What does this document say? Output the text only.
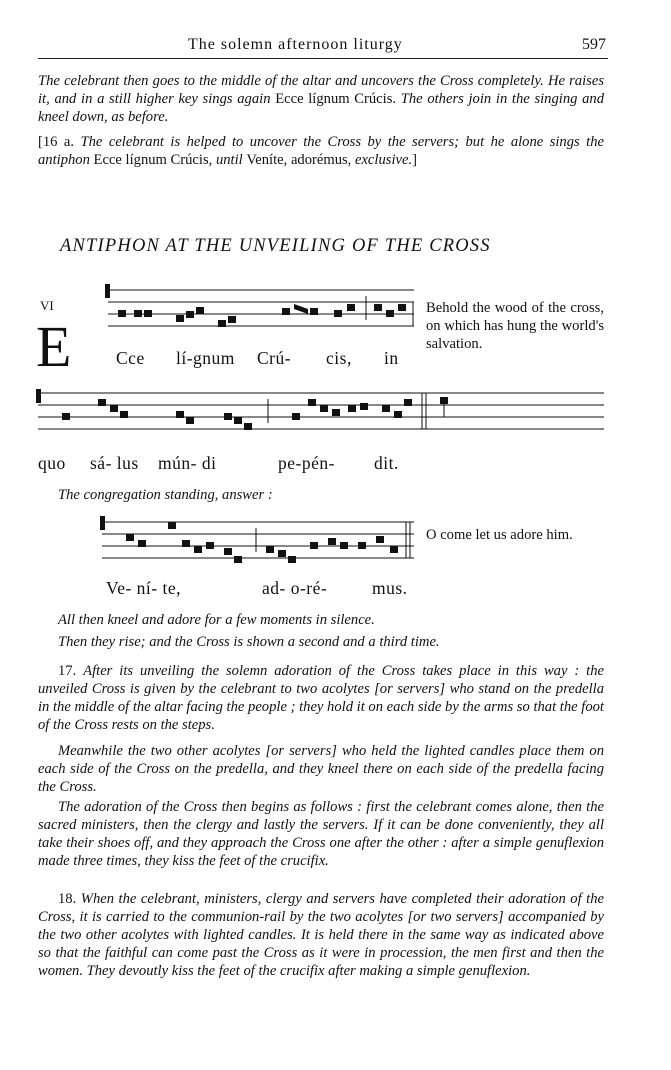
The solemn afternoon liturgy	597

The celebrant then goes to the middle of the altar and uncovers the Cross completely. He raises it, and in a still higher key sings again Ecce lígnum Crúcis. The others join in the singing and kneel down, as before.

[16 a. The celebrant is helped to uncover the Cross by the servers; but he alone sings the antiphon Ecce lígnum Crúcis, until Veníte, adorémus, exclusive.]

ANTIPHON AT THE UNVEILING OF THE CROSS
VI
E	Cce lí-gnum Crú- cis, in
Behold the wood of the cross, on which has hung the world's salvation.
quo sá- lus mún- di	pe-pén- dit.
The congregation standing, answer :
Ve- ní- te,	ad- o-ré-	mus.
O come let us adore him.
All then kneel and adore for a few moments in silence.
Then they rise; and the Cross is shown a second and a third time.

17. After its unveiling the solemn adoration of the Cross takes place in this way : the unveiled Cross is given by the celebrant to two acolytes [or servers] who stand on the predella in the middle of the altar facing the people ; they hold it on each side by the arms so that the foot of the Cross rests on the steps.

Meanwhile the two other acolytes [or servers] who held the lighted candles place them on each side of the Cross on the predella, and they kneel there on each side of the predella facing the Cross.

The adoration of the Cross then begins as follows : first the celebrant comes alone, then the sacred ministers, then the clergy and lastly the servers. If it can be done conveniently, they all take their shoes off, and they approach the Cross one after the other : after a simple genuflexion made three times, they kiss the feet of the crucifix.

18. When the celebrant, ministers, clergy and servers have completed their adoration of the Cross, it is carried to the communion-rail by the two acolytes [or two servers] accompanied by the two other acolytes with lighted candles. It is held there in the same way as indicated above so that the faithful can come past the Cross as it were in procession, the men first and then the women. They devoutly kiss the feet of the crucifix after making a simple genuflexion.
